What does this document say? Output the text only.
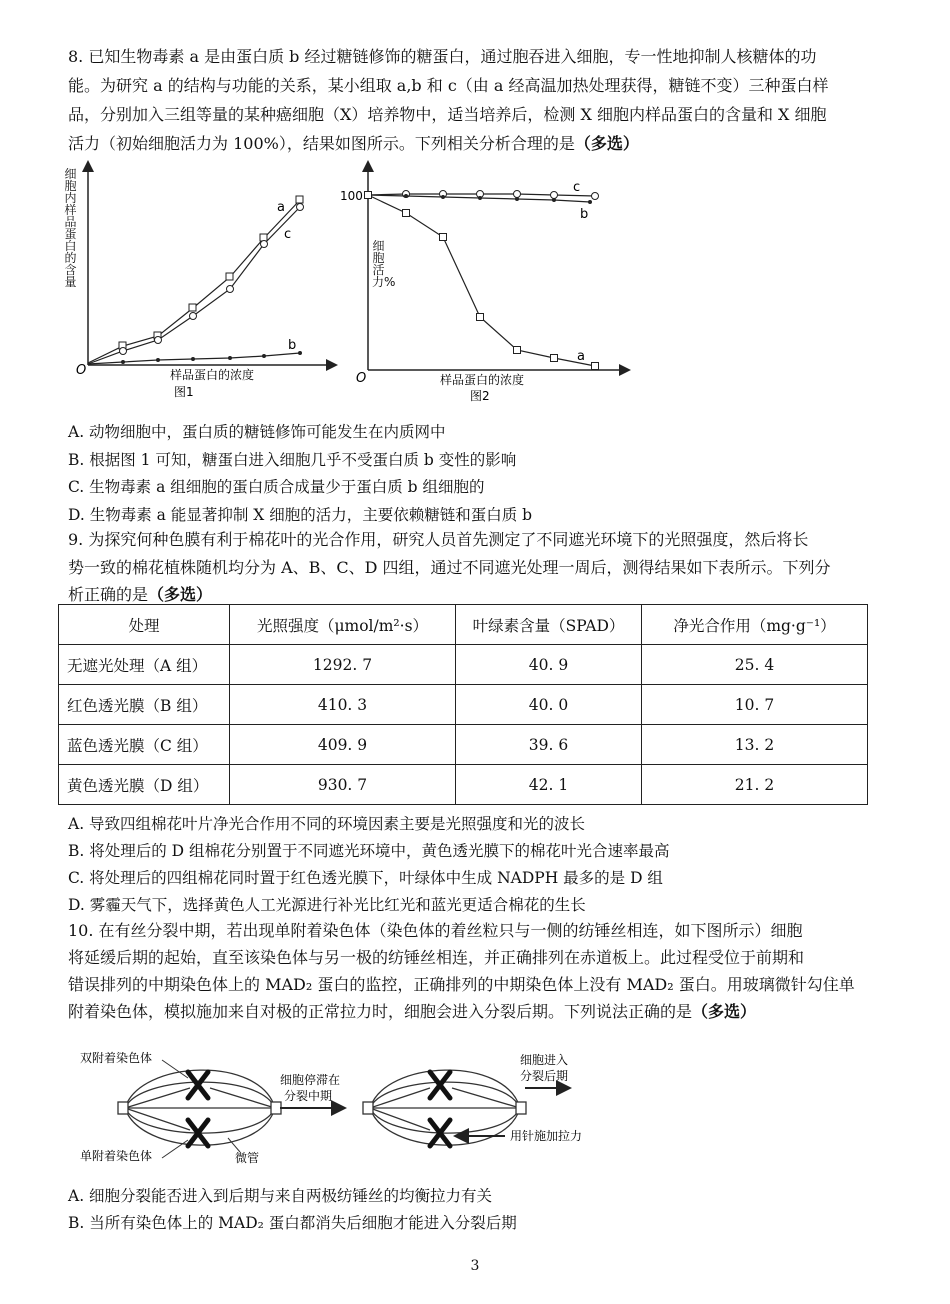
8. 已知生物毒素 a 是由蛋白质 b 经过糖链修饰的糖蛋白，通过胞吞进入细胞，专一性地抑制人核糖体的功
能。为研究 a 的结构与功能的关系，某小组取 a,b 和 c（由 a 经高温加热处理获得，糖链不变）三种蛋白样
品，分别加入三组等量的某种癌细胞（X）培养物中，适当培养后，检测 X 细胞内样品蛋白的含量和 X 细胞
活力（初始细胞活力为 100%），结果如图所示。下列相关分析合理的是（多选）
细胞内样品蛋白的含量
a
c
b
O	样品蛋白的浓度
图1
细胞活力%
100
c
b
a
O	样品蛋白的浓度
图2
A. 动物细胞中，蛋白质的糖链修饰可能发生在内质网中
B. 根据图 1 可知，糖蛋白进入细胞几乎不受蛋白质 b 变性的影响
C. 生物毒素 a 组细胞的蛋白质合成量少于蛋白质 b 组细胞的
D. 生物毒素 a 能显著抑制 X 细胞的活力，主要依赖糖链和蛋白质 b
9. 为探究何种色膜有利于棉花叶的光合作用，研究人员首先测定了不同遮光环境下的光照强度，然后将长
势一致的棉花植株随机均分为 A、B、C、D 四组，通过不同遮光处理一周后，测得结果如下表所示。下列分
析正确的是（多选）
处理	光照强度（μmol/m²·s）	叶绿素含量（SPAD）	净光合作用（mg·g⁻¹）
无遮光处理（A 组）	1292. 7	40. 9	25. 4
红色透光膜（B 组）	410. 3	40. 0	10. 7
蓝色透光膜（C 组）	409. 9	39. 6	13. 2
黄色透光膜（D 组）	930. 7	42. 1	21. 2
A. 导致四组棉花叶片净光合作用不同的环境因素主要是光照强度和光的波长
B. 将处理后的 D 组棉花分别置于不同遮光环境中，黄色透光膜下的棉花叶光合速率最高
C. 将处理后的四组棉花同时置于红色透光膜下，叶绿体中生成 NADPH 最多的是 D 组
D. 雾霾天气下，选择黄色人工光源进行补光比红光和蓝光更适合棉花的生长
10. 在有丝分裂中期，若出现单附着染色体（染色体的着丝粒只与一侧的纺锤丝相连，如下图所示）细胞
将延缓后期的起始，直至该染色体与另一极的纺锤丝相连，并正确排列在赤道板上。此过程受位于前期和
错误排列的中期染色体上的 MAD₂ 蛋白的监控，正确排列的中期染色体上没有 MAD₂ 蛋白。用玻璃微针勾住单
附着染色体，模拟施加来自对极的正常拉力时，细胞会进入分裂后期。下列说法正确的是（多选）
双附着染色体
单附着染色体	微管
细胞停滞在
分裂中期
细胞进入
分裂后期
用针施加拉力
A. 细胞分裂能否进入到后期与来自两极纺锤丝的均衡拉力有关
B. 当所有染色体上的 MAD₂ 蛋白都消失后细胞才能进入分裂后期
3
